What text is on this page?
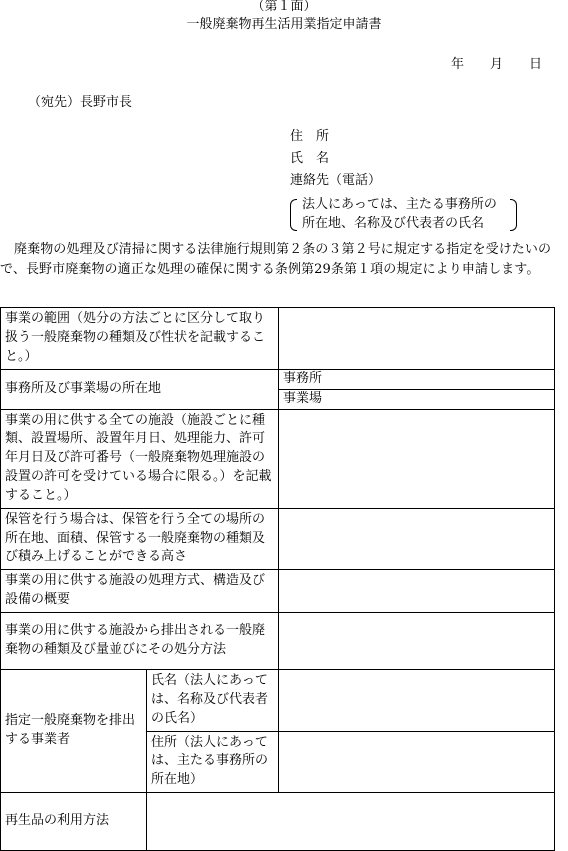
（第１面）
一般廃棄物再生活用業指定申請書
年 月 日
（宛先）長野市長
住　所
氏　名
連絡先（電話）
法人にあっては、主たる事務所の
所在地、名称及び代表者の氏名

廃棄物の処理及び清掃に関する法律施行規則第２条の３第２号に規定する指定を受けたいので、長野市廃棄物の適正な処理の確保に関する条例第29条第１項の規定により申請します。

事業の範囲（処分の方法ごとに区分して取り扱う一般廃棄物の種類及び性状を記載すること。）		
事務所及び事業場の所在地		事務所
		事業場
事業の用に供する全ての施設（施設ごとに種類、設置場所、設置年月日、処理能力、許可年月日及び許可番号（一般廃棄物処理施設の設置の許可を受けている場合に限る。）を記載すること。）		
保管を行う場合は、保管を行う全ての場所の所在地、面積、保管する一般廃棄物の種類及び積み上げることができる高さ		
事業の用に供する施設の処理方式、構造及び設備の概要		
事業の用に供する施設から排出される一般廃棄物の種類及び量並びにその処分方法		
指定一般廃棄物を排出する事業者	氏名（法人にあっては、名称及び代表者の氏名）	
	住所（法人にあっては、主たる事務所の所在地）	
再生品の利用方法		
